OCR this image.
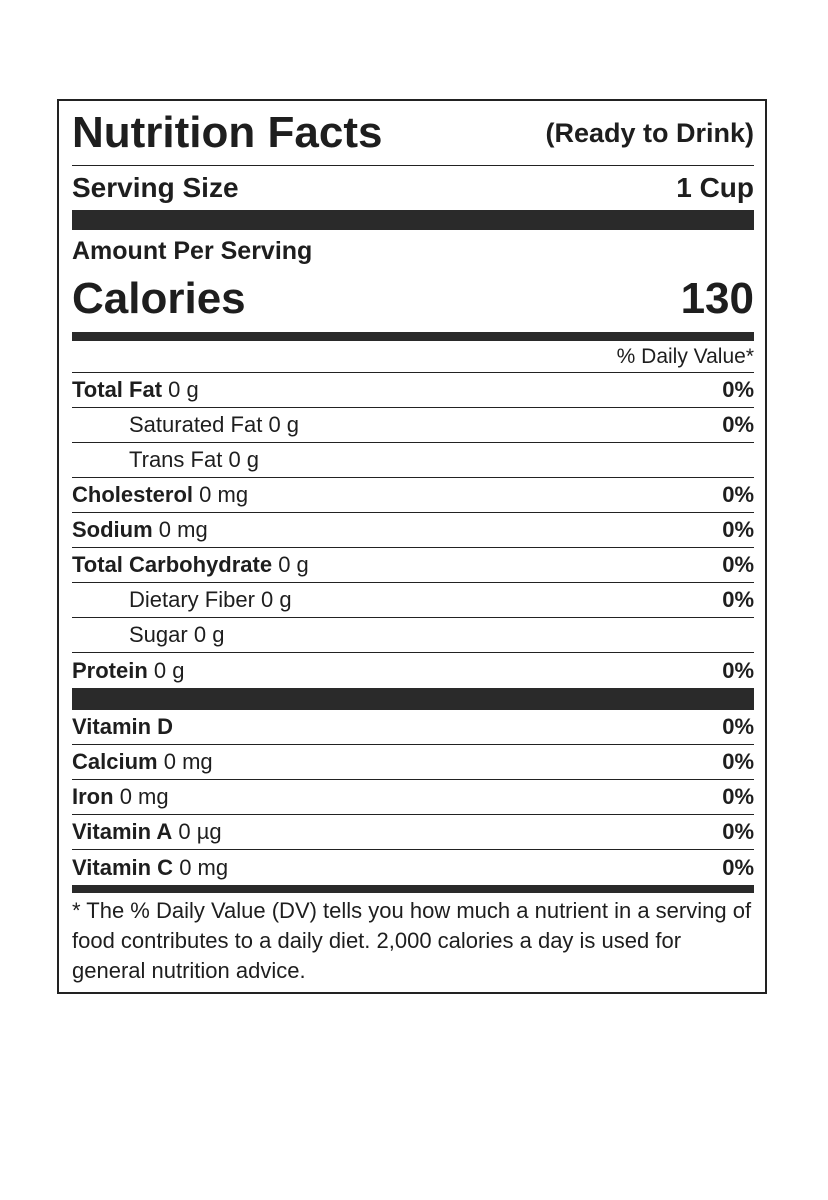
Nutrition Facts	(Ready to Drink)
Serving Size	1 Cup
Amount Per Serving
Calories	130
% Daily Value*
Total Fat 0 g	0%
Saturated Fat 0 g	0%
Trans Fat 0 g
Cholesterol 0 mg	0%
Sodium 0 mg	0%
Total Carbohydrate 0 g	0%
Dietary Fiber 0 g	0%
Sugar 0 g
Protein 0 g	0%
Vitamin D	0%
Calcium 0 mg	0%
Iron 0 mg	0%
Vitamin A 0 µg	0%
Vitamin C 0 mg	0%
* The % Daily Value (DV) tells you how much a nutrient in a serving of food contributes to a daily diet. 2,000 calories a day is used for general nutrition advice.
